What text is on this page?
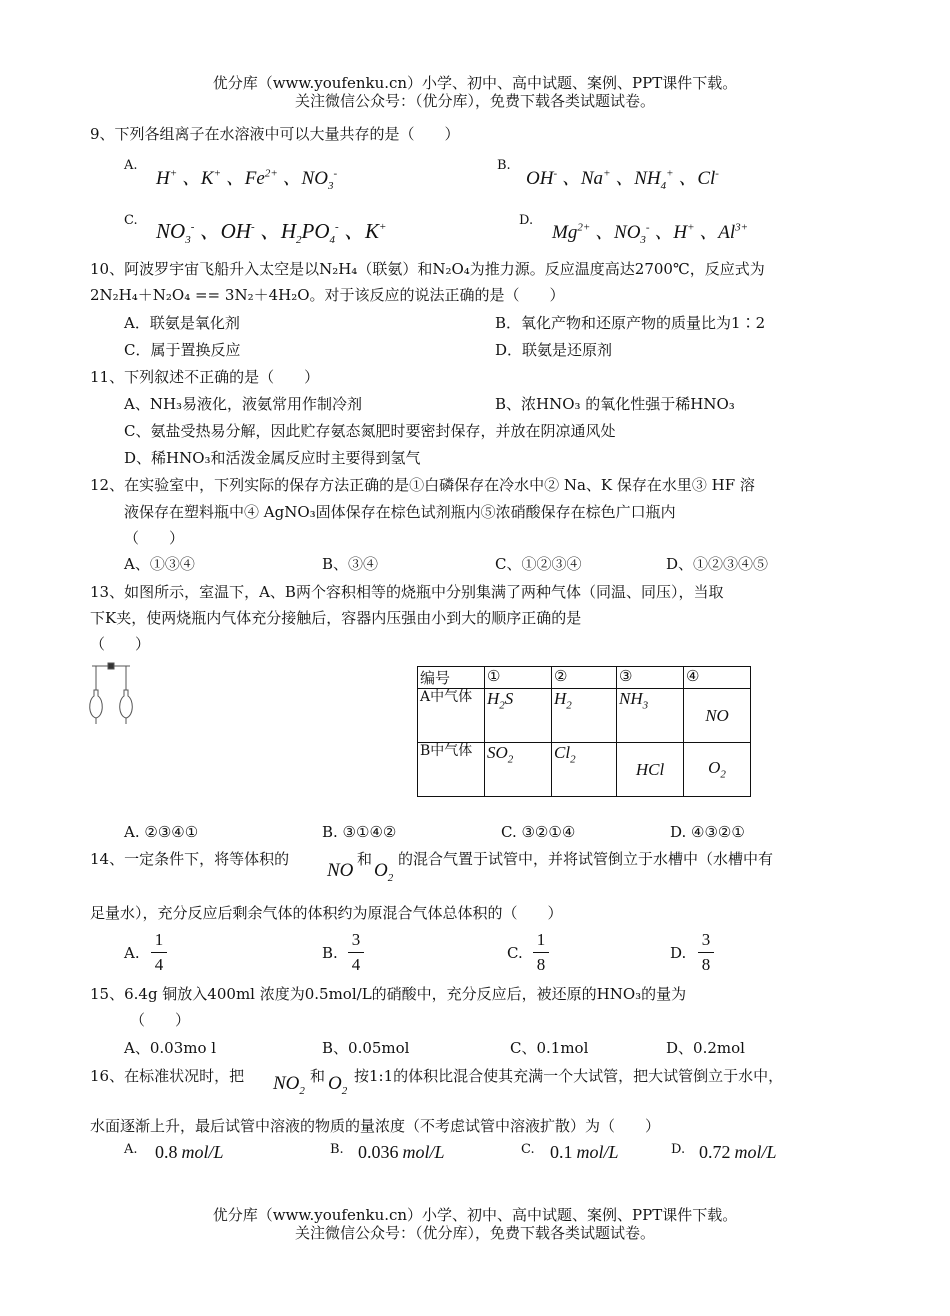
优分库（www.youfenku.cn）小学、初中、高中试题、案例、PPT课件下载。
关注微信公众号：（优分库），免费下载各类试题试卷。
9、下列各组离子在水溶液中可以大量共存的是（　　）
A.
H+ 、K+ 、$Fe^{2+}$ 、$NO_3^-$
B.
OH- 、Na+ 、$NH_4^+$ 、Cl-
C. $NO_3^-$ 、OH- 、$H_2PO_4^-$ 、K+	D.
$Mg^{2+}$ 、$NO_3^-$ 、H+ 、$Al^{3+}$
10、阿波罗宇宙飞船升入太空是以N₂H₄（联氨）和N₂O₄为推力源。反应温度高达2700℃，反应式为
2N₂H₄＋N₂O₄ == 3N₂＋4H₂O。对于该反应的说法正确的是（　　）
A．联氨是氧化剂	B．氧化产物和还原产物的质量比为1∶2
C．属于置换反应	D．联氨是还原剂
11、下列叙述不正确的是（　　）
A、NH₃易液化，液氨常用作制冷剂	B、浓HNO₃ 的氧化性强于稀HNO₃
C、氨盐受热易分解，因此贮存氨态氮肥时要密封保存，并放在阴凉通风处
D、稀HNO₃和活泼金属反应时主要得到氢气
12、在实验室中，下列实际的保存方法正确的是①白磷保存在冷水中② Na、K 保存在水里③ HF 溶
液保存在塑料瓶中④ AgNO₃固体保存在棕色试剂瓶内⑤浓硝酸保存在棕色广口瓶内
（　　）
A、①③④	B、③④	C、①②③④	D、①②③④⑤
13、如图所示，室温下，A、B两个容积相等的烧瓶中分别集满了两种气体（同温、同压），当取
下K夹，使两烧瓶内气体充分接触后，容器内压强由小到大的顺序正确的是
（　　）
编号	①	②	③	④
A中气体	$H_2S$	$H_2$	$NH_3$	NO
B中气体	$SO_2$	$Cl_2$	HCl	$O_2$
A. ②③④①	B. ③①④②	C. ③②①④	D. ④③②①
14、一定条件下，将等体积的
NO
和
$O_2$
的混合气置于试管中，并将试管倒立于水槽中（水槽中有
足量水），充分反应后剩余气体的体积约为原混合气体总体积的（　　）
A.
1
4
B.
3
4
C.
1
8
D.
3
8
15、6.4g 铜放入400ml 浓度为0.5mol/L的硝酸中，充分反应后，被还原的HNO₃的量为
（　　）
A、0.03mo l	B、0.05mol	C、0.1mol	D、0.2mol
16、在标准状况时，把 $NO_2$
和 $O_2$
按1:1的体积比混合使其充满一个大试管，把大试管倒立于水中，
水面逐渐上升，最后试管中溶液的物质的量浓度（不考虑试管中溶液扩散）为（　　）
A. 0.8 mol/L	B. 0.036 mol/L	C. 0.1 mol/L	D. 0.72 mol/L
优分库（www.youfenku.cn）小学、初中、高中试题、案例、PPT课件下载。
关注微信公众号：（优分库），免费下载各类试题试卷。
